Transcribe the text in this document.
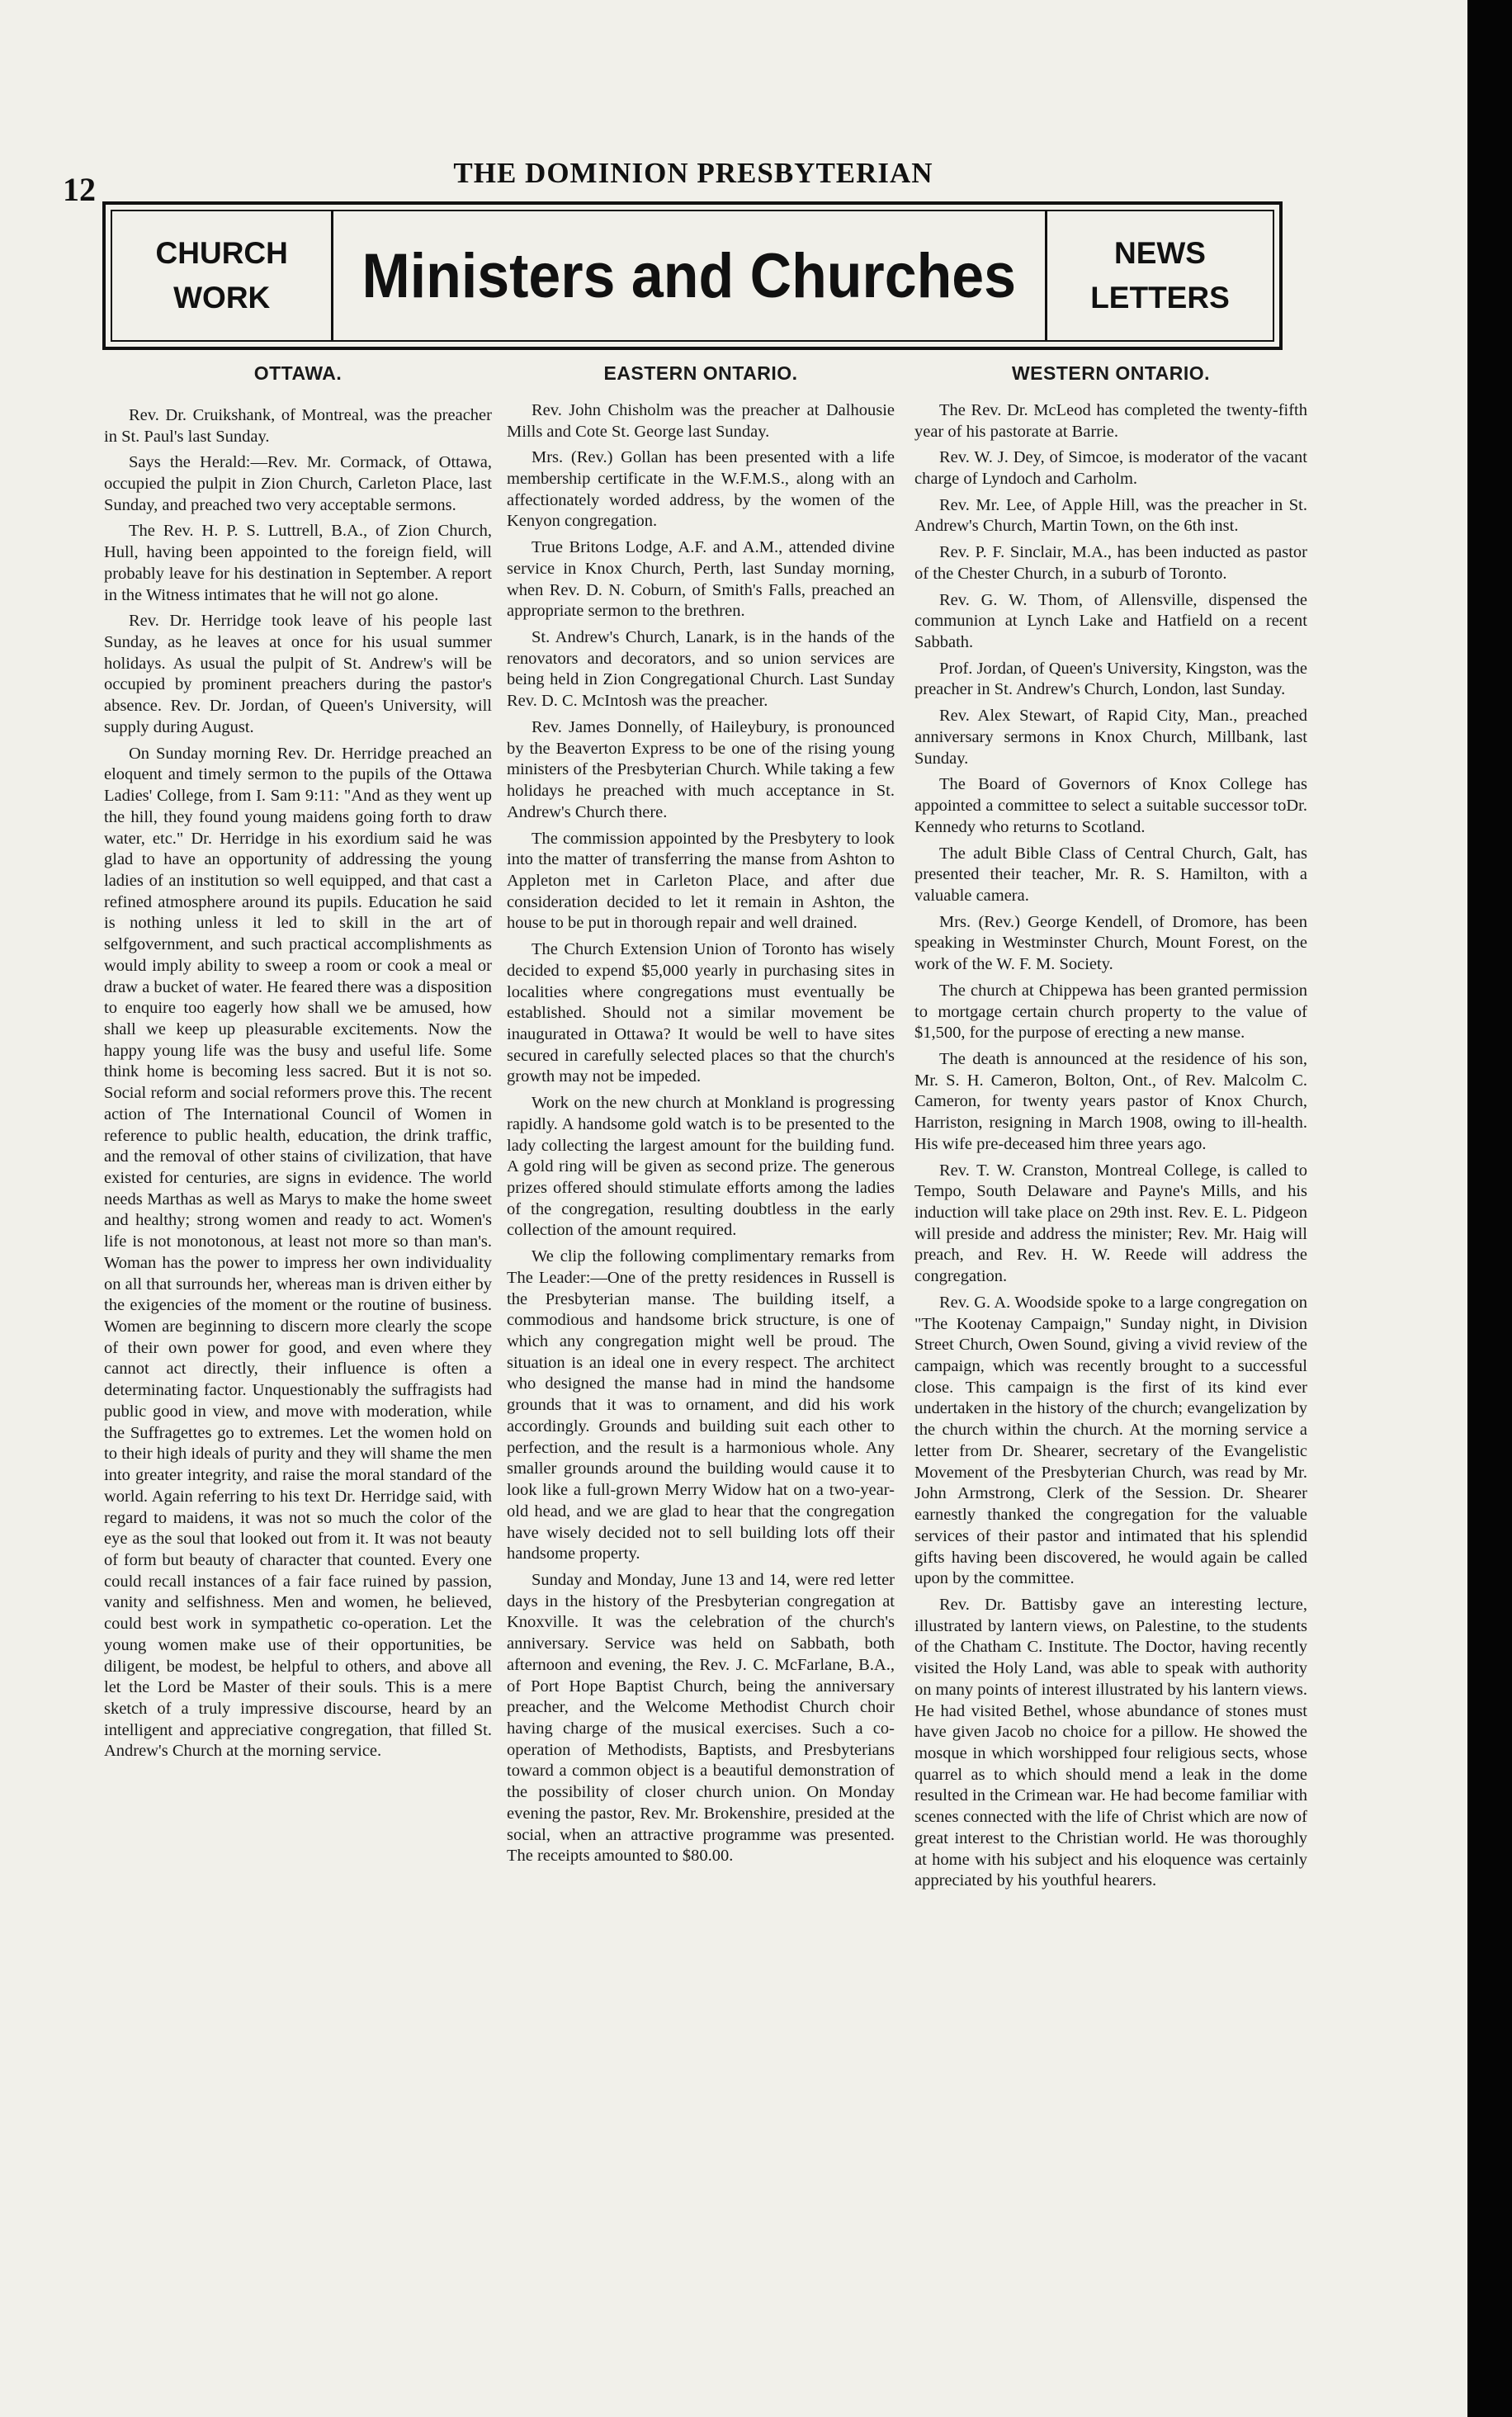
12	THE DOMINION PRESBYTERIAN
CHURCH
WORK Ministers and Churches	NEWS
LETTERS
OTTAWA.

Rev. Dr. Cruikshank, of Montreal, was the preacher in St. Paul's last Sunday.

Says the Herald:—Rev. Mr. Cormack, of Ottawa, occupied the pulpit in Zion Church, Carleton Place, last Sunday, and preached two very acceptable sermons.

The Rev. H. P. S. Luttrell, B.A., of Zion Church, Hull, having been appointed to the foreign field, will probably leave for his destination in September. A report in the Witness intimates that he will not go alone.

Rev. Dr. Herridge took leave of his people last Sunday, as he leaves at once for his usual summer holidays. As usual the pulpit of St. Andrew's will be occupied by prominent preachers during the pastor's absence. Rev. Dr. Jordan, of Queen's University, will supply during August.

On Sunday morning Rev. Dr. Herridge preached an eloquent and timely sermon to the pupils of the Ottawa Ladies' College, from I. Sam 9:11: "And as they went up the hill, they found young maidens going forth to draw water, etc." Dr. Herridge in his exordium said he was glad to have an opportunity of addressing the young ladies of an institution so well equipped, and that cast a refined atmosphere around its pupils. Education he said is nothing unless it led to skill in the art of selfgovernment, and such practical accomplishments as would imply ability to sweep a room or cook a meal or draw a bucket of water. He feared there was a disposition to enquire too eagerly how shall we be amused, how shall we keep up pleasurable excitements. Now the happy young life was the busy and useful life. Some think home is becoming less sacred. But it is not so. Social reform and social reformers prove this. The recent action of The International Council of Women in reference to public health, education, the drink traffic, and the removal of other stains of civilization, that have existed for centuries, are signs in evidence. The world needs Marthas as well as Marys to make the home sweet and healthy; strong women and ready to act. Women's life is not monotonous, at least not more so than man's. Woman has the power to impress her own individuality on all that surrounds her, whereas man is driven either by the exigencies of the moment or the routine of business. Women are beginning to discern more clearly the scope of their own power for good, and even where they cannot act directly, their influence is often a determinating factor. Unquestionably the suffragists had public good in view, and move with moderation, while the Suffragettes go to extremes. Let the women hold on to their high ideals of purity and they will shame the men into greater integrity, and raise the moral standard of the world. Again referring to his text Dr. Herridge said, with regard to maidens, it was not so much the color of the eye as the soul that looked out from it. It was not beauty of form but beauty of character that counted. Every one could recall instances of a fair face ruined by passion, vanity and selfishness. Men and women, he believed, could best work in sympathetic co-operation. Let the young women make use of their opportunities, be diligent, be modest, be helpful to others, and above all let the Lord be Master of their souls. This is a mere sketch of a truly impressive discourse, heard by an intelligent and appreciative congregation, that filled St. Andrew's Church at the morning service.

EASTERN ONTARIO.

Rev. John Chisholm was the preacher at Dalhousie Mills and Cote St. George last Sunday.

Mrs. (Rev.) Gollan has been presented with a life membership certificate in the W.F.M.S., along with an affectionately worded address, by the women of the Kenyon congregation.

True Britons Lodge, A.F. and A.M., attended divine service in Knox Church, Perth, last Sunday morning, when Rev. D. N. Coburn, of Smith's Falls, preached an appropriate sermon to the brethren.

St. Andrew's Church, Lanark, is in the hands of the renovators and decorators, and so union services are being held in Zion Congregational Church. Last Sunday Rev. D. C. McIntosh was the preacher.

Rev. James Donnelly, of Haileybury, is pronounced by the Beaverton Express to be one of the rising young ministers of the Presbyterian Church. While taking a few holidays he preached with much acceptance in St. Andrew's Church there.

The commission appointed by the Presbytery to look into the matter of transferring the manse from Ashton to Appleton met in Carleton Place, and after due consideration decided to let it remain in Ashton, the house to be put in thorough repair and well drained.

The Church Extension Union of Toronto has wisely decided to expend $5,000 yearly in purchasing sites in localities where congregations must eventually be established. Should not a similar movement be inaugurated in Ottawa? It would be well to have sites secured in carefully selected places so that the church's growth may not be impeded.

Work on the new church at Monkland is progressing rapidly. A handsome gold watch is to be presented to the lady collecting the largest amount for the building fund. A gold ring will be given as second prize. The generous prizes offered should stimulate efforts among the ladies of the congregation, resulting doubtless in the early collection of the amount required.

We clip the following complimentary remarks from The Leader:—One of the pretty residences in Russell is the Presbyterian manse. The building itself, a commodious and handsome brick structure, is one of which any congregation might well be proud. The situation is an ideal one in every respect. The architect who designed the manse had in mind the handsome grounds that it was to ornament, and did his work accordingly. Grounds and building suit each other to perfection, and the result is a harmonious whole. Any smaller grounds around the building would cause it to look like a full-grown Merry Widow hat on a two-year-old head, and we are glad to hear that the congregation have wisely decided not to sell building lots off their handsome property.

Sunday and Monday, June 13 and 14, were red letter days in the history of the Presbyterian congregation at Knoxville. It was the celebration of the church's anniversary. Service was held on Sabbath, both afternoon and evening, the Rev. J. C. McFarlane, B.A., of Port Hope Baptist Church, being the anniversary preacher, and the Welcome Methodist Church choir having charge of the musical exercises. Such a co-operation of Methodists, Baptists, and Presbyterians toward a common object is a beautiful demonstration of the possibility of closer church union. On Monday evening the pastor, Rev. Mr. Brokenshire, presided at the social, when an attractive programme was presented. The receipts amounted to $80.00.

WESTERN ONTARIO.

The Rev. Dr. McLeod has completed the twenty-fifth year of his pastorate at Barrie.

Rev. W. J. Dey, of Simcoe, is moderator of the vacant charge of Lyndoch and Carholm.

Rev. Mr. Lee, of Apple Hill, was the preacher in St. Andrew's Church, Martin Town, on the 6th inst.

Rev. P. F. Sinclair, M.A., has been inducted as pastor of the Chester Church, in a suburb of Toronto.

Rev. G. W. Thom, of Allensville, dispensed the communion at Lynch Lake and Hatfield on a recent Sabbath.

Prof. Jordan, of Queen's University, Kingston, was the preacher in St. Andrew's Church, London, last Sunday.

Rev. Alex Stewart, of Rapid City, Man., preached anniversary sermons in Knox Church, Millbank, last Sunday.

The Board of Governors of Knox College has appointed a committee to select a suitable successor toDr. Kennedy who returns to Scotland.

The adult Bible Class of Central Church, Galt, has presented their teacher, Mr. R. S. Hamilton, with a valuable camera.

Mrs. (Rev.) George Kendell, of Dromore, has been speaking in Westminster Church, Mount Forest, on the work of the W. F. M. Society.

The church at Chippewa has been granted permission to mortgage certain church property to the value of $1,500, for the purpose of erecting a new manse.

The death is announced at the residence of his son, Mr. S. H. Cameron, Bolton, Ont., of Rev. Malcolm C. Cameron, for twenty years pastor of Knox Church, Harriston, resigning in March 1908, owing to ill-health. His wife pre-deceased him three years ago.

Rev. T. W. Cranston, Montreal College, is called to Tempo, South Delaware and Payne's Mills, and his induction will take place on 29th inst. Rev. E. L. Pidgeon will preside and address the minister; Rev. Mr. Haig will preach, and Rev. H. W. Reede will address the congregation.

Rev. G. A. Woodside spoke to a large congregation on "The Kootenay Campaign," Sunday night, in Division Street Church, Owen Sound, giving a vivid review of the campaign, which was recently brought to a successful close. This campaign is the first of its kind ever undertaken in the history of the church; evangelization by the church within the church. At the morning service a letter from Dr. Shearer, secretary of the Evangelistic Movement of the Presbyterian Church, was read by Mr. John Armstrong, Clerk of the Session. Dr. Shearer earnestly thanked the congregation for the valuable services of their pastor and intimated that his splendid gifts having been discovered, he would again be called upon by the committee.

Rev. Dr. Battisby gave an interesting lecture, illustrated by lantern views, on Palestine, to the students of the Chatham C. Institute. The Doctor, having recently visited the Holy Land, was able to speak with authority on many points of interest illustrated by his lantern views. He had visited Bethel, whose abundance of stones must have given Jacob no choice for a pillow. He showed the mosque in which worshipped four religious sects, whose quarrel as to which should mend a leak in the dome resulted in the Crimean war. He had become familiar with scenes connected with the life of Christ which are now of great interest to the Christian world. He was thoroughly at home with his subject and his eloquence was certainly appreciated by his youthful hearers.
